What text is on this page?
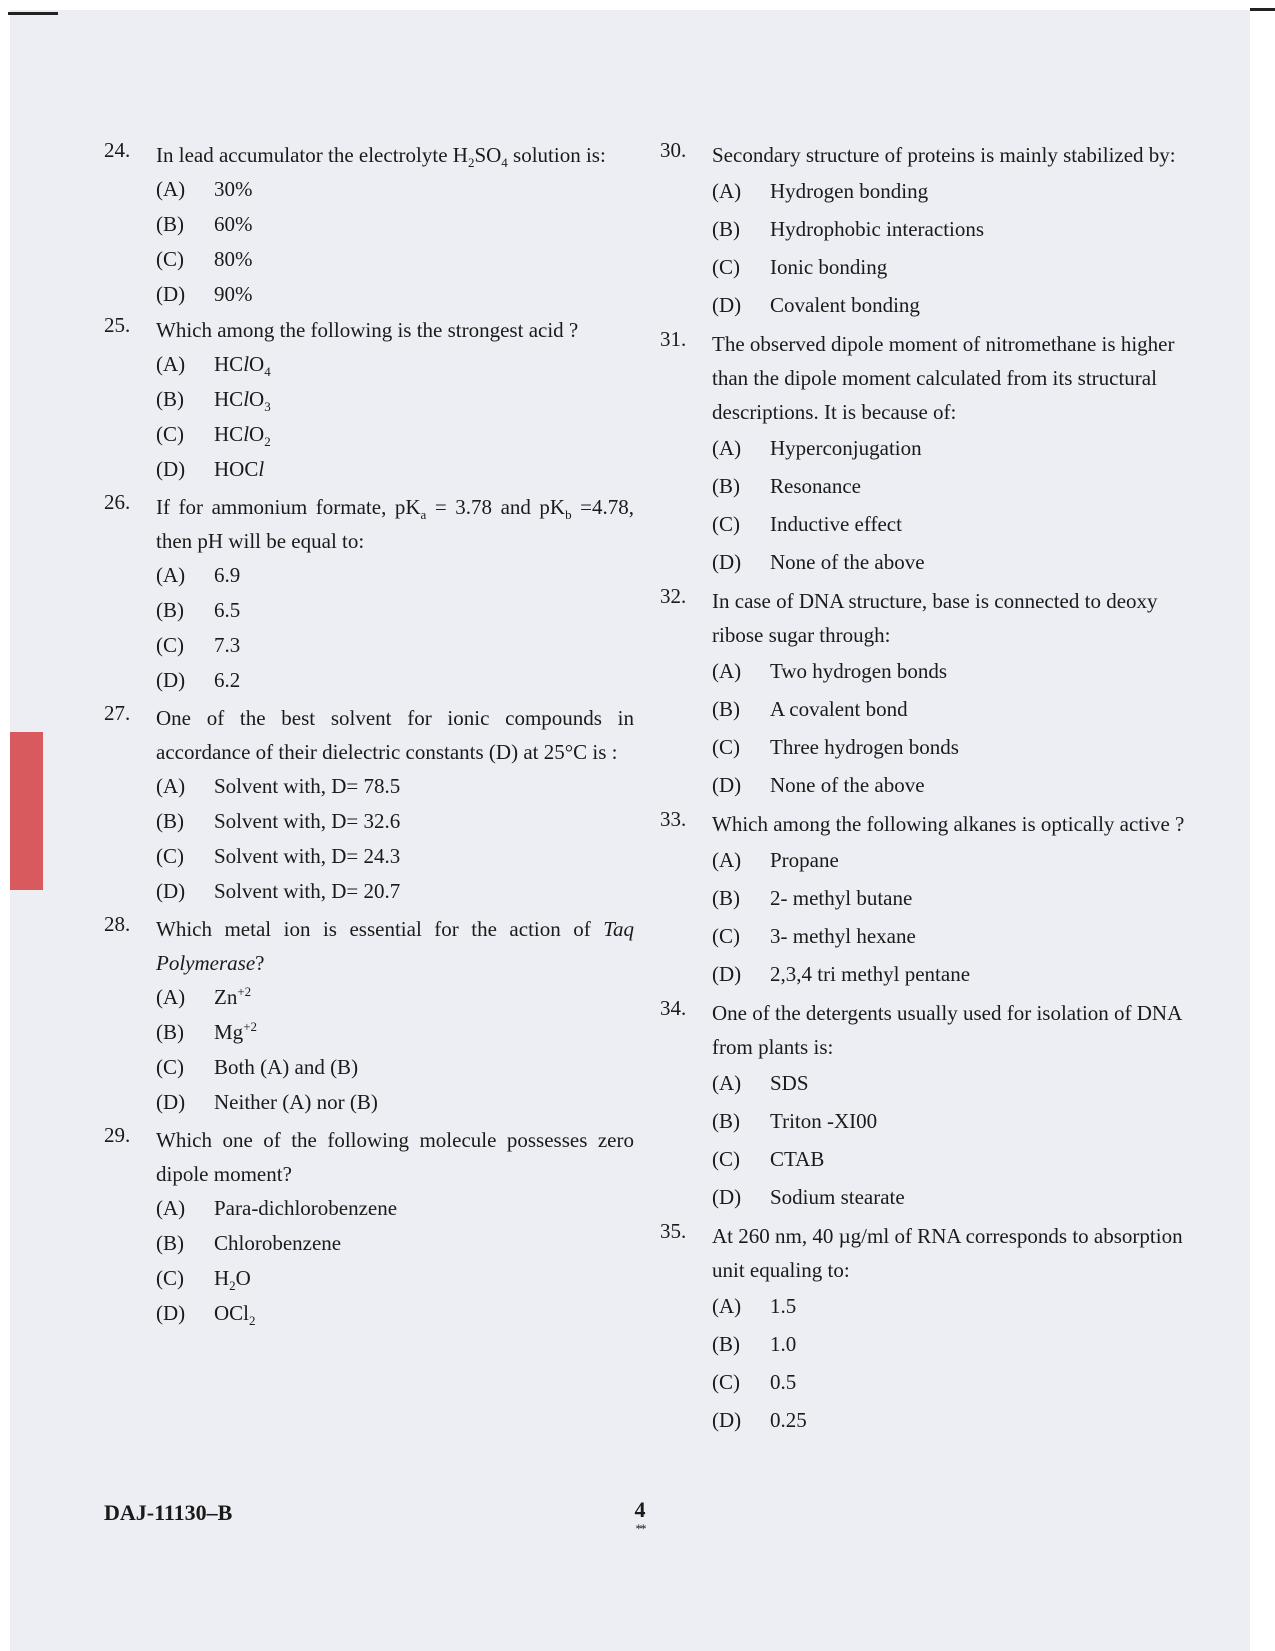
24. In lead accumulator the electrolyte $H_2SO_4$ solution is:
(A)	30%
(B)	60%
(C)	80%
(D)	90%
25. Which among the following is the strongest acid ?
(A)	HClO$_4$
(B)	HClO$_3$
(C)	HClO$_2$
(D)	HOCl
26. If for ammonium formate, $pK_a = 3.78$ and $pK_b =4.78$, then pH will be equal to:
(A)	6.9
(B)	6.5
(C)	7.3
(D)	6.2
27. One of the best solvent for ionic compounds in accordance of their dielectric constants (D) at 25°C is :
(A)	Solvent with, D= 78.5
(B)	Solvent with, D= 32.6
(C)	Solvent with, D= 24.3
(D)	Solvent with, D= 20.7
28. Which metal ion is essential for the action of Taq Polymerase?
(A)	$Zn^{+2}$
(B)	$Mg^{+2}$
(C)	Both (A) and (B)
(D)	Neither (A) nor (B)
29. Which one of the following molecule possesses zero dipole moment?
(A)	Para-dichlorobenzene
(B)	Chlorobenzene
(C)	$H_2O$
(D)	OCl$_2$
30. Secondary structure of proteins is mainly stabilized by:
(A)	Hydrogen bonding
(B)	Hydrophobic interactions
(C)	Ionic bonding
(D)	Covalent bonding
31. The observed dipole moment of nitromethane is higher than the dipole moment calculated from its structural descriptions. It is because of:
(A)	Hyperconjugation
(B)	Resonance
(C)	Inductive effect
(D)	None of the above
32. In case of DNA structure, base is connected to deoxy ribose sugar through:
(A)	Two hydrogen bonds
(B)	A covalent bond
(C)	Three hydrogen bonds
(D)	None of the above
33. Which among the following alkanes is optically active ?
(A)	Propane
(B)	2- methyl butane
(C)	3- methyl hexane
(D)	2,3,4 tri methyl pentane
34. One of the detergents usually used for isolation of DNA from plants is:
(A)	SDS
(B)	Triton -XI00
(C)	CTAB
(D)	Sodium stearate
35. At 260 nm, 40 µg/ml of RNA corresponds to absorption unit equaling to:
(A)	1.5
(B)	1.0
(C)	0.5
(D)	0.25
DAJ-11130–B	4
**
